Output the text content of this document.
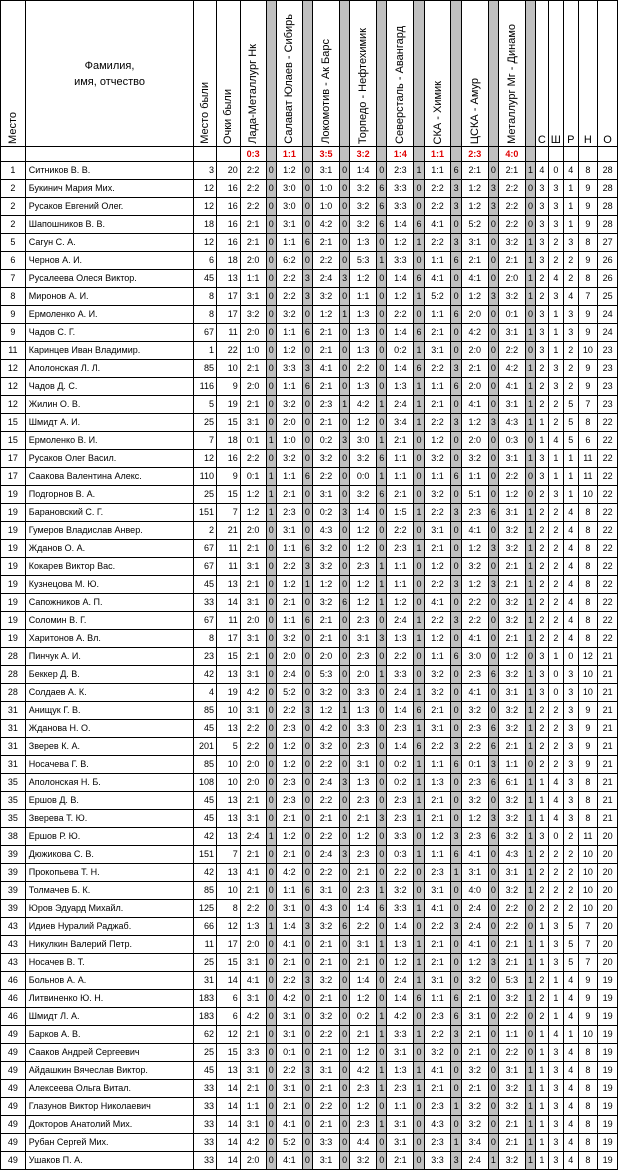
Место	Фамилия,
имя, отчество	Место были	Очки были	Лада-Металлург Нк		Салават Юлаев - Сибирь		Локомотив - Ак Барс		Торпедо - Нефтехимик		Северсталь - Авангард		СКА - Химик		ЦСКА - Амур		Металлург Мг - Динамо		С	Ш	Р	Н	О
				0:3		1:1		3:5		3:2		1:4		1:1		2:3		4:0						
1	Ситников В. В.	3	20	2:2	0	1:2	0	3:1	0	1:4	0	2:3	1	1:1	6	2:1	0	2:1	1	4	0	4	8	28
2	Букинич Мария Мих.	12	16	2:2	0	3:0	0	1:0	0	3:2	6	3:3	0	2:2	3	1:2	3	2:2	0	3	3	1	9	28
2	Русаков Евгений Олег.	12	16	2:2	0	3:0	0	1:0	0	3:2	6	3:3	0	2:2	3	1:2	3	2:2	0	3	3	1	9	28
2	Шапошников В. В.	18	16	2:1	0	3:1	0	4:2	0	3:2	6	1:4	6	4:1	0	5:2	0	2:2	0	3	3	1	9	28
5	Сагун С. А.	12	16	2:1	0	1:1	6	2:1	0	1:3	0	1:2	1	2:2	3	3:1	0	3:2	1	3	2	3	8	27
6	Чернов А. И.	6	18	2:0	0	6:2	0	2:2	0	5:3	1	3:3	0	1:1	6	2:1	0	2:1	1	3	2	2	9	26
7	Русалеева Олеся Виктор.	45	13	1:1	0	2:2	3	2:4	3	1:2	0	1:4	6	4:1	0	4:1	0	2:0	1	2	4	2	8	26
8	Миронов А. И.	8	17	3:1	0	2:2	3	3:2	0	1:1	0	1:2	1	5:2	0	1:2	3	3:2	1	2	3	4	7	25
9	Ермоленко А. И.	8	17	3:2	0	3:2	0	1:2	1	1:3	0	2:2	0	1:1	6	2:0	0	0:1	0	3	1	3	9	24
9	Чадов С. Г.	67	11	2:0	0	1:1	6	2:1	0	1:3	0	1:4	6	2:1	0	4:2	0	3:1	1	3	1	3	9	24
11	Каринцев Иван Владимир.	1	22	1:0	0	1:2	0	2:1	0	1:3	0	0:2	1	3:1	0	2:0	0	2:2	0	3	1	2	10	23
12	Аполонская Л. Л.	85	10	2:1	0	3:3	3	4:1	0	2:2	0	1:4	6	2:2	3	2:1	0	4:2	1	2	3	2	9	23
12	Чадов Д. С.	116	9	2:0	0	1:1	6	2:1	0	1:3	0	1:3	1	1:1	6	2:0	0	4:1	1	2	3	2	9	23
12	Жилин О. В.	5	19	2:1	0	3:2	0	2:3	1	4:2	1	2:4	1	2:1	0	4:1	0	3:1	1	2	2	5	7	23
15	Шмидт А. И.	25	15	3:1	0	2:0	0	2:1	0	1:2	0	3:4	1	2:2	3	1:2	3	4:3	1	1	2	5	8	22
15	Ермоленко В. И.	7	18	0:1	1	1:0	0	0:2	3	3:0	1	2:1	0	1:2	0	2:0	0	0:3	0	1	4	5	6	22
17	Русаков Олег Васил.	12	16	2:2	0	3:2	0	3:2	0	3:2	6	1:1	0	3:2	0	3:2	0	3:1	1	3	1	1	11	22
17	Саакова Валентина Алекс.	110	9	0:1	1	1:1	6	2:2	0	0:0	1	1:1	0	1:1	6	1:1	0	2:2	0	3	1	1	11	22
19	Подгорнов В. А.	25	15	1:2	1	2:1	0	3:1	0	3:2	6	2:1	0	3:2	0	5:1	0	1:2	0	2	3	1	10	22
19	Барановский С. Г.	151	7	1:2	1	2:3	0	0:2	3	1:4	0	1:5	1	2:2	3	2:3	6	3:1	1	2	2	4	8	22
19	Гумеров Владислав Анвер.	2	21	2:0	0	3:1	0	4:3	0	1:2	0	2:2	0	3:1	0	4:1	0	3:2	1	2	2	4	8	22
19	Жданов О. А.	67	11	2:1	0	1:1	6	3:2	0	1:2	0	2:3	1	2:1	0	1:2	3	3:2	1	2	2	4	8	22
19	Кокарев Виктор Вас.	67	11	3:1	0	2:2	3	3:2	0	2:3	1	1:1	0	1:2	0	3:2	0	2:1	1	2	2	4	8	22
19	Кузнецова М. Ю.	45	13	2:1	0	1:2	1	1:2	0	1:2	1	1:1	0	2:2	3	1:2	3	2:1	1	2	2	4	8	22
19	Сапожников А. П.	33	14	3:1	0	2:1	0	3:2	6	1:2	1	1:2	0	4:1	0	2:2	0	3:2	1	2	2	4	8	22
19	Соломин В. Г.	67	11	2:0	0	1:1	6	2:1	0	2:3	0	2:4	1	2:2	3	2:2	0	3:2	1	2	2	4	8	22
19	Харитонов А. Вл.	8	17	3:1	0	3:2	0	2:1	0	3:1	3	1:3	1	1:2	0	4:1	0	2:1	1	2	2	4	8	22
28	Пинчук А. И.	23	15	2:1	0	2:0	0	2:0	0	2:3	0	2:2	0	1:1	6	3:0	0	1:2	0	3	1	0	12	21
28	Беккер Д. В.	42	13	3:1	0	2:4	0	5:3	0	2:0	1	3:3	0	3:2	0	2:3	6	3:2	1	3	0	3	10	21
28	Солдаев А. К.	4	19	4:2	0	5:2	0	3:2	0	3:3	0	2:4	1	3:2	0	4:1	0	3:1	1	3	0	3	10	21
31	Анищук Г. В.	85	10	3:1	0	2:2	3	1:2	1	1:3	0	1:4	6	2:1	0	3:2	0	3:2	1	2	2	3	9	21
31	Жданова Н. О.	45	13	2:2	0	2:3	0	4:2	0	3:3	0	2:3	1	3:1	0	2:3	6	3:2	1	2	2	3	9	21
31	Зверев К. А.	201	5	2:2	0	1:2	0	3:2	0	2:3	0	1:4	6	2:2	3	2:2	6	2:1	1	2	2	3	9	21
31	Носачева Г. В.	85	10	2:0	0	1:2	0	2:2	0	3:1	0	0:2	1	1:1	6	0:1	3	1:1	0	2	2	3	9	21
35	Аполонская Н. Б.	108	10	2:0	0	2:3	0	2:4	3	1:3	0	0:2	1	1:3	0	2:3	6	6:1	1	1	4	3	8	21
35	Ершов Д. В.	45	13	2:1	0	2:3	0	2:2	0	2:3	0	2:3	1	2:1	0	3:2	0	3:2	1	1	4	3	8	21
35	Зверева Т. Ю.	45	13	3:1	0	2:1	0	2:1	0	2:1	3	2:3	1	2:1	0	1:2	3	3:2	1	1	4	3	8	21
38	Ершов Р. Ю.	42	13	2:4	1	1:2	0	2:2	0	1:2	0	3:3	0	1:2	3	2:3	6	3:2	1	3	0	2	11	20
39	Дюжикова С. В.	151	7	2:1	0	2:1	0	2:4	3	2:3	0	0:3	1	1:1	6	4:1	0	4:3	1	2	2	2	10	20
39	Прокопьева Т. Н.	42	13	4:1	0	4:2	0	2:2	0	2:1	0	2:2	0	2:3	1	3:1	0	3:1	1	2	2	2	10	20
39	Толмачев Б. К.	85	10	2:1	0	1:1	6	3:1	0	2:3	1	3:2	0	3:1	0	4:0	0	3:2	1	2	2	2	10	20
39	Юров Эдуард Михайл.	125	8	2:2	0	3:1	0	4:3	0	1:4	6	3:3	1	4:1	0	2:4	0	2:2	0	2	2	2	10	20
43	Идиев Нуралий Раджаб.	66	12	1:3	1	1:4	3	3:2	6	2:2	0	1:4	0	2:2	3	2:4	0	2:2	0	1	3	5	7	20
43	Никулкин Валерий Петр.	11	17	2:0	0	4:1	0	2:1	0	3:1	1	1:3	1	2:1	0	4:1	0	2:1	1	1	3	5	7	20
43	Носачев В. Т.	25	15	3:1	0	2:1	0	2:1	0	2:1	0	1:2	1	2:1	0	1:2	3	2:1	1	1	3	5	7	20
46	Больнов А. А.	31	14	4:1	0	2:2	3	3:2	0	1:4	0	2:4	1	3:1	0	3:2	0	5:3	1	2	1	4	9	19
46	Литвиненко Ю. Н.	183	6	3:1	0	4:2	0	2:1	0	1:2	0	1:4	6	1:1	6	2:1	0	3:2	1	2	1	4	9	19
46	Шмидт Л. А.	183	6	4:2	0	3:1	0	3:2	0	0:2	1	4:2	0	2:3	6	3:1	0	2:2	0	2	1	4	9	19
49	Барков А. В.	62	12	2:1	0	3:1	0	2:2	0	2:1	1	3:3	1	2:2	3	2:1	0	1:1	0	1	4	1	10	19
49	Сааков Андрей Сергеевич	25	15	3:3	0	0:1	0	2:1	0	1:2	0	3:1	0	3:2	0	2:1	0	2:2	0	1	3	4	8	19
49	Айдашкин Вячеслав Виктор.	45	13	3:1	0	2:2	3	3:1	0	4:2	1	1:3	1	4:1	0	3:2	0	3:1	1	1	3	4	8	19
49	Алексеева Ольга Витал.	33	14	2:1	0	3:1	0	2:1	0	2:3	1	2:3	1	2:1	0	2:1	0	3:2	1	1	3	4	8	19
49	Глазунов Виктор Николаевич	33	14	1:1	0	2:1	0	2:2	0	1:2	0	1:1	0	2:3	1	3:2	0	3:2	1	1	3	4	8	19
49	Докторов Анатолий Мих.	33	14	3:1	0	4:1	0	2:1	0	2:3	1	3:1	0	4:3	0	3:2	0	2:1	1	1	3	4	8	19
49	Рубан Сергей Мих.	33	14	4:2	0	5:2	0	3:3	0	4:4	0	3:1	0	2:3	1	3:4	0	2:1	1	1	3	4	8	19
49	Ушаков П. А.	33	14	2:0	0	4:1	0	3:1	0	3:2	0	2:1	0	3:3	3	2:4	1	3:2	1	1	3	4	8	19
